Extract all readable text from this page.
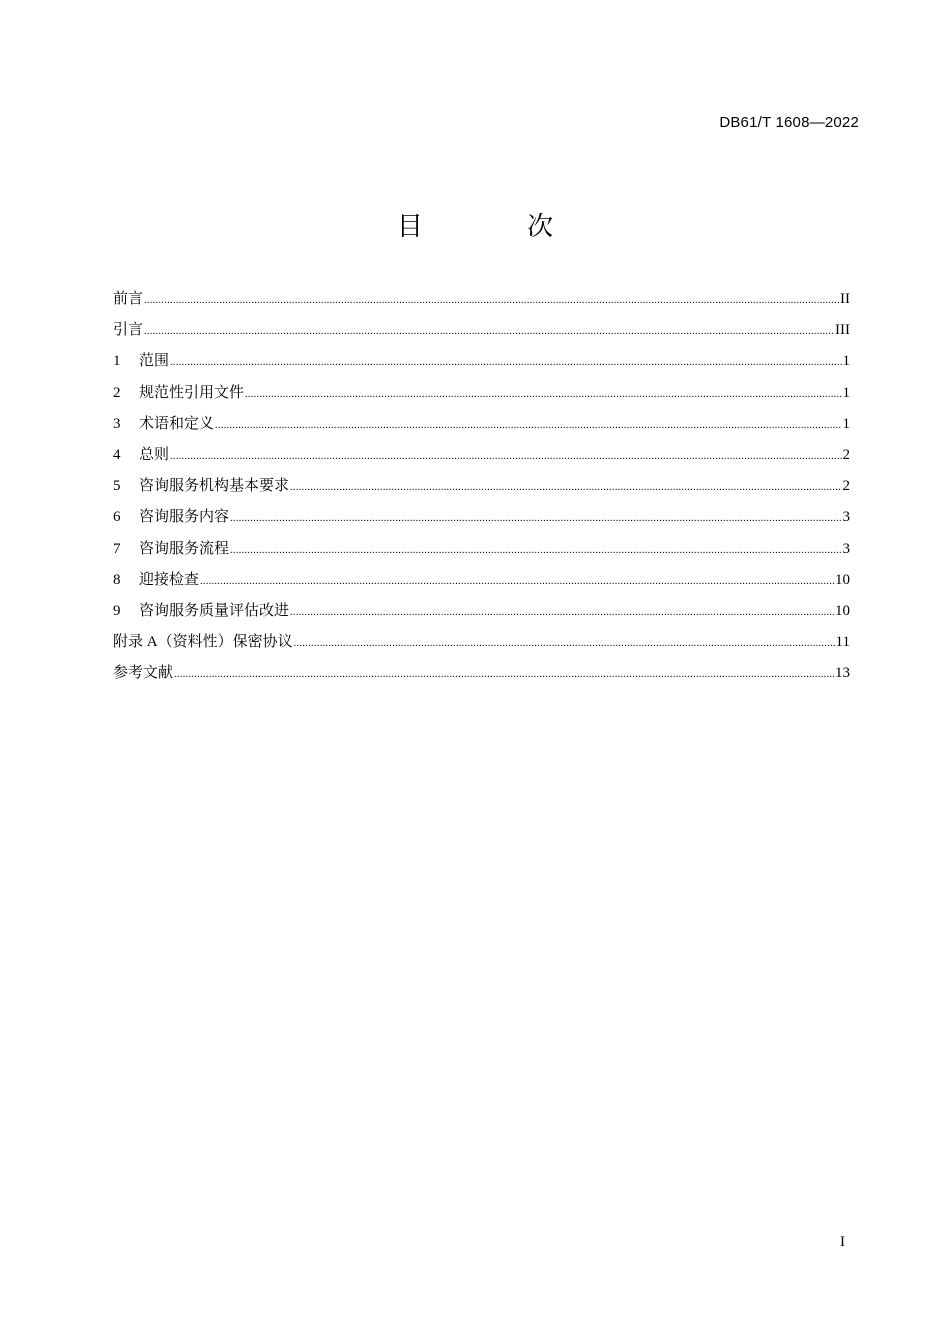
DB61/T 1608—2022
目 次
前言 .....	II
引言 .....	III
1	范围 .....	1
2	规范性引用文件 .....	1
3	术语和定义 .....	1
4	总则 .....	2
5	咨询服务机构基本要求 .....	2
6	咨询服务内容 .....	3
7	咨询服务流程 .....	3
8	迎接检查 .....	10
9	咨询服务质量评估改进 .....	10
附录 A（资料性）保密协议 .....	11
参考文献 .....	13
I
